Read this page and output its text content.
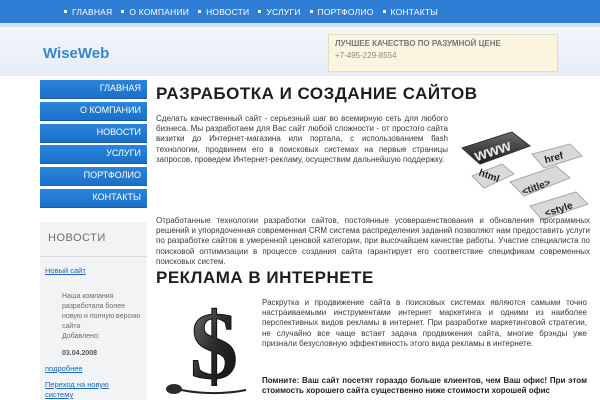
ГЛАВНАЯ О КОМПАНИИ НОВОСТИ УСЛУГИ ПОРТФОЛИО КОНТАКТЫ
WiseWeb
ЛУЧШЕЕ КАЧЕСТВО ПО РАЗУМНОЙ ЦЕНЕ
+7-495-229-8554
ГЛАВНАЯ
О КОМПАНИИ
НОВОСТИ
УСЛУГИ
ПОРТФОЛИО
КОНТАКТЫ
НОВОСТИ
Новый сайт
Наша компания разработала более новую и полную версию сайта
Добавлено:
03.04.2008
подробнее
Переход на новую систему
РАЗРАБОТКА И СОЗДАНИЕ САЙТОВ

Сделать качественный сайт - серьезный шаг во всемирную сеть для любого бизнеса. Мы разработаем для Вас сайт любой сложности - от простого сайта визитки до Интернет-магазина или портала, с использованием flash технологии, продвинем его в поисковых системах на первые страницы запросов, проведем Интернет-рекламу, осуществим дальнейшую поддержку. www
html
<title>
href
<style

Отработанные технологии разработки сайтов, постоянные усовершенствования и обновления программных решений и упорядоченная современная CRM система распределения заданий позволяют нам предоставить услуги по разработке сайтов в умеренной ценовой категории, при высочайшем качестве работы. Участие специалиста по поисковой оптимизации в процессе создания сайта гарантирует его соответствие спецификам современных поисковых систем.

РЕКЛАМА В ИНТЕРНЕТЕ
$	Раскрутка и продвижение сайта в поисковых системах являются самыми точно настраиваемыми инструментами интернет маркетинга и одними из наиболее перспективных видов рекламы в интернет. При разработке маркетинговой стратегии, не случайно все чаще встает задача продвижения сайта, многие брэнды уже признали безусловную эффективность этого вида рекламы в интернете.

Помните: Ваш сайт посетят гораздо больше клиентов, чем Ваш офис! При этом стоимость хорошего сайта существенно ниже стоимости хорошей офис
